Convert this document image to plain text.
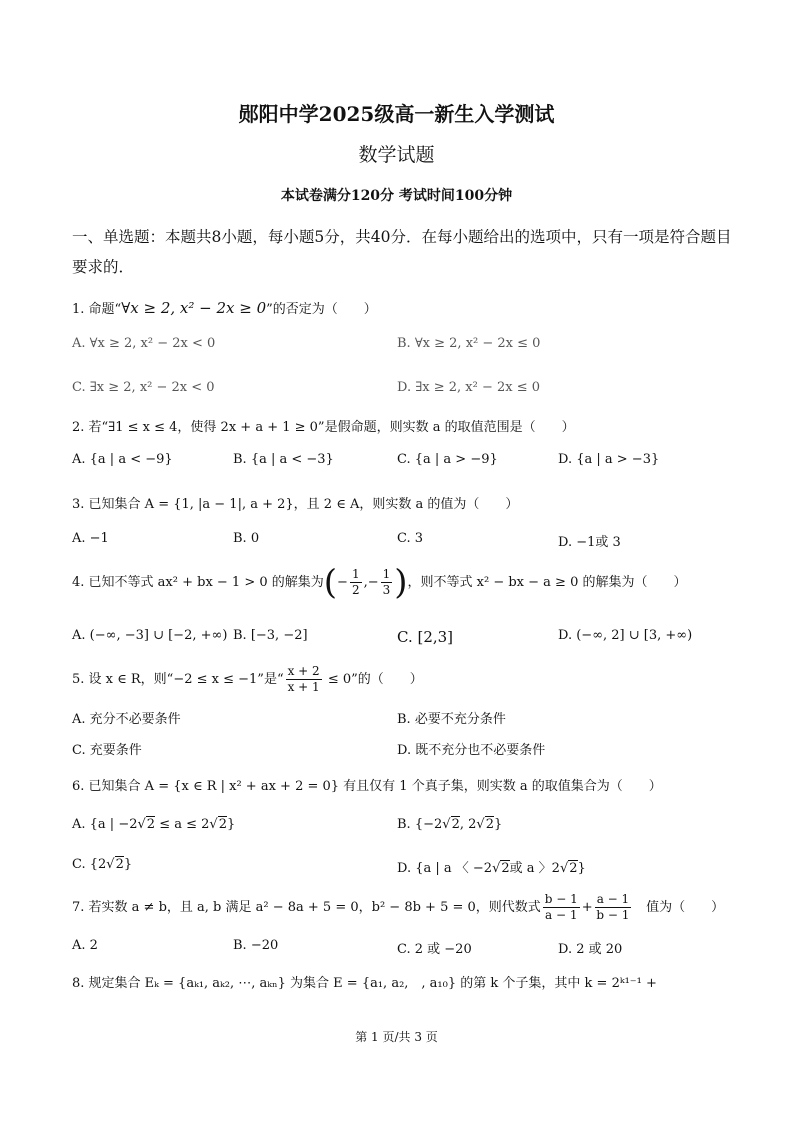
郧阳中学2025级高一新生入学测试
数学试题
本试卷满分120分 考试时间100分钟
一、单选题：本题共8小题，每小题5分，共40分．在每小题给出的选项中，只有一项是符合题目要求的．
1. 命题“∀x ≥ 2, x² − 2x ≥ 0”的否定为（　　）
A. ∀x ≥ 2, x² − 2x < 0	B. ∀x ≥ 2, x² − 2x ≤ 0
C. ∃x ≥ 2, x² − 2x < 0	D. ∃x ≥ 2, x² − 2x ≤ 0
2. 若“∃1 ≤ x ≤ 4，使得 2x + a + 1 ≥ 0”是假命题，则实数 a 的取值范围是（　　）
A. {a | a < −9}	B. {a | a < −3}	C. {a | a > −9}	D. {a | a > −3}
3. 已知集合 A = {1, |a − 1|, a + 2}，且 2 ∈ A，则实数 a 的值为（　　）
A. −1	B. 0	C. 3	D. −1或 3
4. 已知不等式 ax² + bx − 1 > 0 的解集为(− $\frac{1}{2}$ ,− $\frac{1}{3}$ )，则不等式 x² − bx − a ≥ 0 的解集为（　　）
A. (−∞, −3] ∪ [−2, +∞) B. [−3, −2]	C. [2,3]	D. (−∞, 2] ∪ [3, +∞)
5. 设 x ∈ R，则“−2 ≤ x ≤ −1”是“ $\frac{x + 2}{x + 1} \le 0$”的（　　）
A. 充分不必要条件	B. 必要不充分条件
C. 充要条件	D. 既不充分也不必要条件
6. 已知集合 A = {x ∈ R | x² + ax + 2 = 0} 有且仅有 1 个真子集，则实数 a 的取值集合为（　　）
A. {a | −2√2 ≤ a ≤ 2√2}	B. {−2√2, 2√2}
C. {2√2}	D. {a | a 〈 −2√2或 a 〉2√2}
7. 若实数 a ≠ b，且 a, b 满足 a² − 8a + 5 = 0，b² − 8b + 5 = 0，则代数式 $\frac{b - 1}{a - 1} + \frac{a - 1}{b - 1}$ 　值为（　　）
A. 2	B. −20	C. 2 或 −20	D. 2 或 20
8. 规定集合 Eₖ = {aₖ₁, aₖ₂, ⋯, aₖₙ} 为集合 E = {a₁, a₂,　, a₁₀} 的第 k 个子集，其中 k = 2ᵏ¹⁻¹ +
第 1 页/共 3 页
